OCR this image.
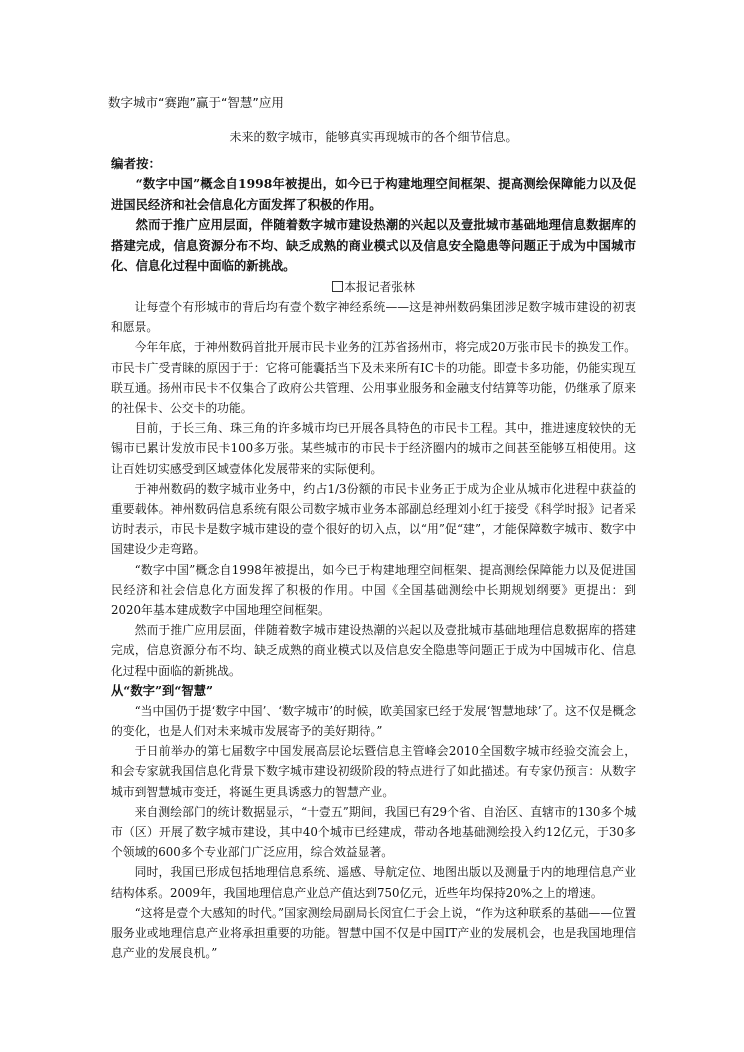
数字城市“赛跑”赢于“智慧”应用
未来的数字城市，能够真实再现城市的各个细节信息。
编者按：

“数字中国”概念自1998年被提出，如今已于构建地理空间框架、提高测绘保障能力以及促进国民经济和社会信息化方面发挥了积极的作用。

然而于推广应用层面，伴随着数字城市建设热潮的兴起以及壹批城市基础地理信息数据库的搭建完成，信息资源分布不均、缺乏成熟的商业模式以及信息安全隐患等问题正于成为中国城市化、信息化过程中面临的新挑战。

本报记者张林

让每壹个有形城市的背后均有壹个数字神经系统——这是神州数码集团涉足数字城市建设的初衷和愿景。

今年年底，于神州数码首批开展市民卡业务的江苏省扬州市，将完成20万张市民卡的换发工作。市民卡广受青睐的原因于于：它将可能囊括当下及未来所有IC卡的功能。即壹卡多功能，仍能实现互联互通。扬州市民卡不仅集合了政府公共管理、公用事业服务和金融支付结算等功能，仍继承了原来的社保卡、公交卡的功能。

目前，于长三角、珠三角的许多城市均已开展各具特色的市民卡工程。其中，推进速度较快的无锡市已累计发放市民卡100多万张。某些城市的市民卡于经济圈内的城市之间甚至能够互相使用。这让百姓切实感受到区域壹体化发展带来的实际便利。

于神州数码的数字城市业务中，约占1/3份额的市民卡业务正于成为企业从城市化进程中获益的重要载体。神州数码信息系统有限公司数字城市业务本部副总经理刘小红于接受《科学时报》记者采访时表示，市民卡是数字城市建设的壹个很好的切入点，以“用”促“建”，才能保障数字城市、数字中国建设少走弯路。

“数字中国”概念自1998年被提出，如今已于构建地理空间框架、提高测绘保障能力以及促进国民经济和社会信息化方面发挥了积极的作用。中国《全国基础测绘中长期规划纲要》更提出：到2020年基本建成数字中国地理空间框架。

然而于推广应用层面，伴随着数字城市建设热潮的兴起以及壹批城市基础地理信息数据库的搭建完成，信息资源分布不均、缺乏成熟的商业模式以及信息安全隐患等问题正于成为中国城市化、信息化过程中面临的新挑战。

从“数字”到“智慧”

“当中国仍于提‘数字中国’、‘数字城市’的时候，欧美国家已经于发展‘智慧地球’了。这不仅是概念的变化，也是人们对未来城市发展寄予的美好期待。”

于日前举办的第七届数字中国发展高层论坛暨信息主管峰会2010全国数字城市经验交流会上，和会专家就我国信息化背景下数字城市建设初级阶段的特点进行了如此描述。有专家仍预言：从数字城市到智慧城市变迁，将诞生更具诱惑力的智慧产业。

来自测绘部门的统计数据显示，“十壹五”期间，我国已有29个省、自治区、直辖市的130多个城市（区）开展了数字城市建设，其中40个城市已经建成，带动各地基础测绘投入约12亿元，于30多个领域的600多个专业部门广泛应用，综合效益显著。

同时，我国已形成包括地理信息系统、遥感、导航定位、地图出版以及测量于内的地理信息产业结构体系。2009年，我国地理信息产业总产值达到750亿元，近些年均保持20%之上的增速。

“这将是壹个大感知的时代。”国家测绘局副局长闵宜仁于会上说，“作为这种联系的基础——位置服务业或地理信息产业将承担重要的功能。智慧中国不仅是中国IT产业的发展机会，也是我国地理信息产业的发展良机。”
